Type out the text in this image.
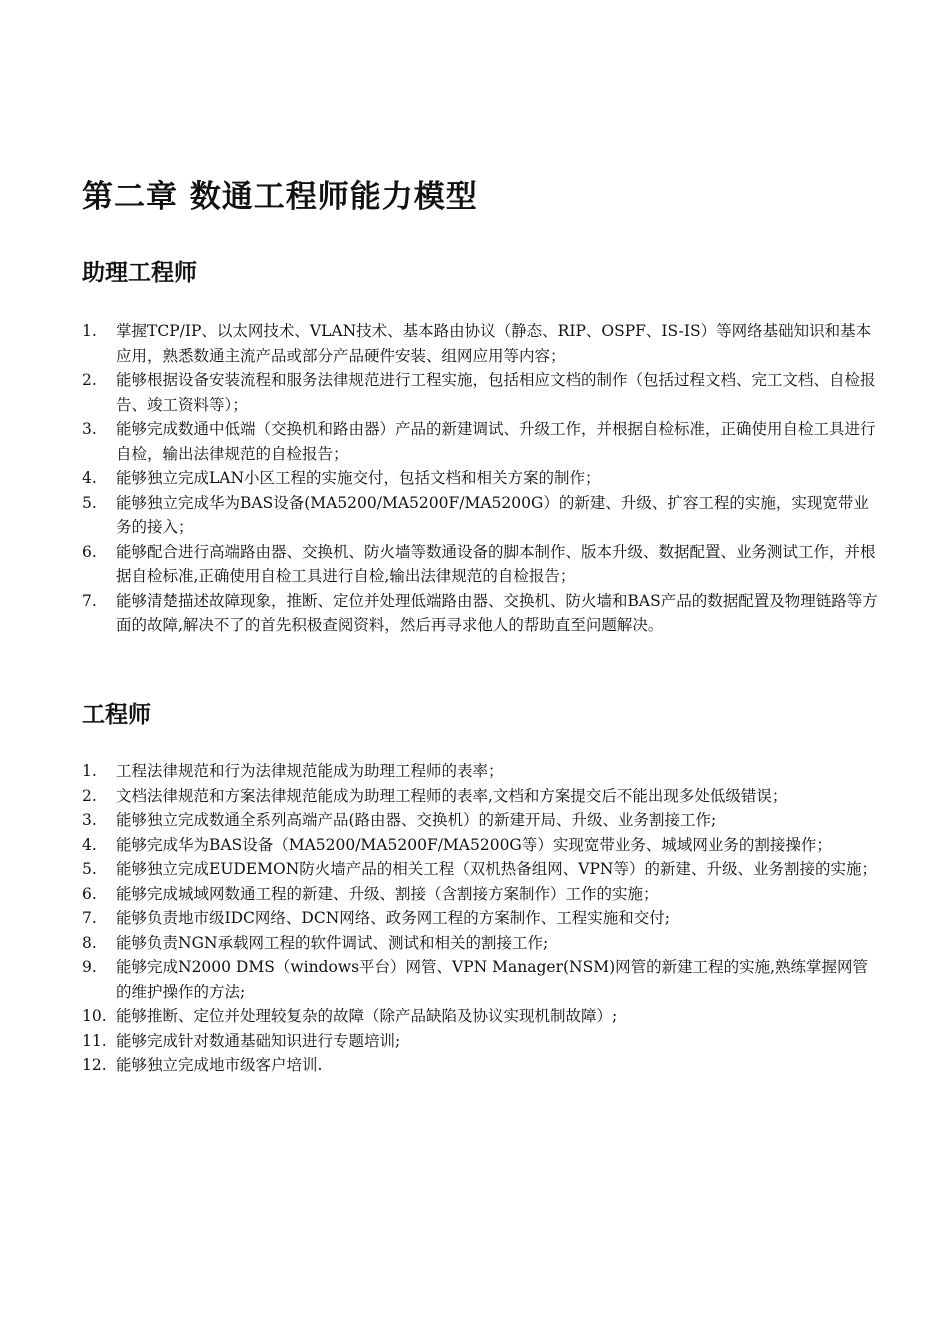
第二章 数通工程师能力模型
助理工程师
1. 掌握TCP/IP、以太网技术、VLAN技术、基本路由协议（静态、RIP、OSPF、IS-IS）等网络基础知识和基本应用，熟悉数通主流产品或部分产品硬件安装、组网应用等内容；
2. 能够根据设备安装流程和服务法律规范进行工程实施，包括相应文档的制作（包括过程文档、完工文档、自检报告、竣工资料等）；
3. 能够完成数通中低端（交换机和路由器）产品的新建调试、升级工作，并根据自检标准，正确使用自检工具进行自检，输出法律规范的自检报告；
4. 能够独立完成LAN小区工程的实施交付，包括文档和相关方案的制作；
5. 能够独立完成华为BAS设备(MA5200/MA5200F/MA5200G）的新建、升级、扩容工程的实施，实现宽带业务的接入；
6. 能够配合进行高端路由器、交换机、防火墙等数通设备的脚本制作、版本升级、数据配置、业务测试工作，并根据自检标准,正确使用自检工具进行自检,输出法律规范的自检报告；
7. 能够清楚描述故障现象，推断、定位并处理低端路由器、交换机、防火墙和BAS产品的数据配置及物理链路等方面的故障,解决不了的首先积极查阅资料，然后再寻求他人的帮助直至问题解决。
工程师
1. 工程法律规范和行为法律规范能成为助理工程师的表率；
2. 文档法律规范和方案法律规范能成为助理工程师的表率,文档和方案提交后不能出现多处低级错误；
3. 能够独立完成数通全系列高端产品(路由器、交换机）的新建开局、升级、业务割接工作;
4. 能够完成华为BAS设备（MA5200/MA5200F/MA5200G等）实现宽带业务、城域网业务的割接操作；
5. 能够独立完成EUDEMON防火墙产品的相关工程（双机热备组网、VPN等）的新建、升级、业务割接的实施；
6. 能够完成城域网数通工程的新建、升级、割接（含割接方案制作）工作的实施；
7. 能够负责地市级IDC网络、DCN网络、政务网工程的方案制作、工程实施和交付;
8. 能够负责NGN承载网工程的软件调试、测试和相关的割接工作;
9. 能够完成N2000 DMS（windows平台）网管、VPN Manager(NSM)网管的新建工程的实施,熟练掌握网管的维护操作的方法;
10. 能够推断、定位并处理较复杂的故障（除产品缺陷及协议实现机制故障）;
11. 能够完成针对数通基础知识进行专题培训;
12. 能够独立完成地市级客户培训.
